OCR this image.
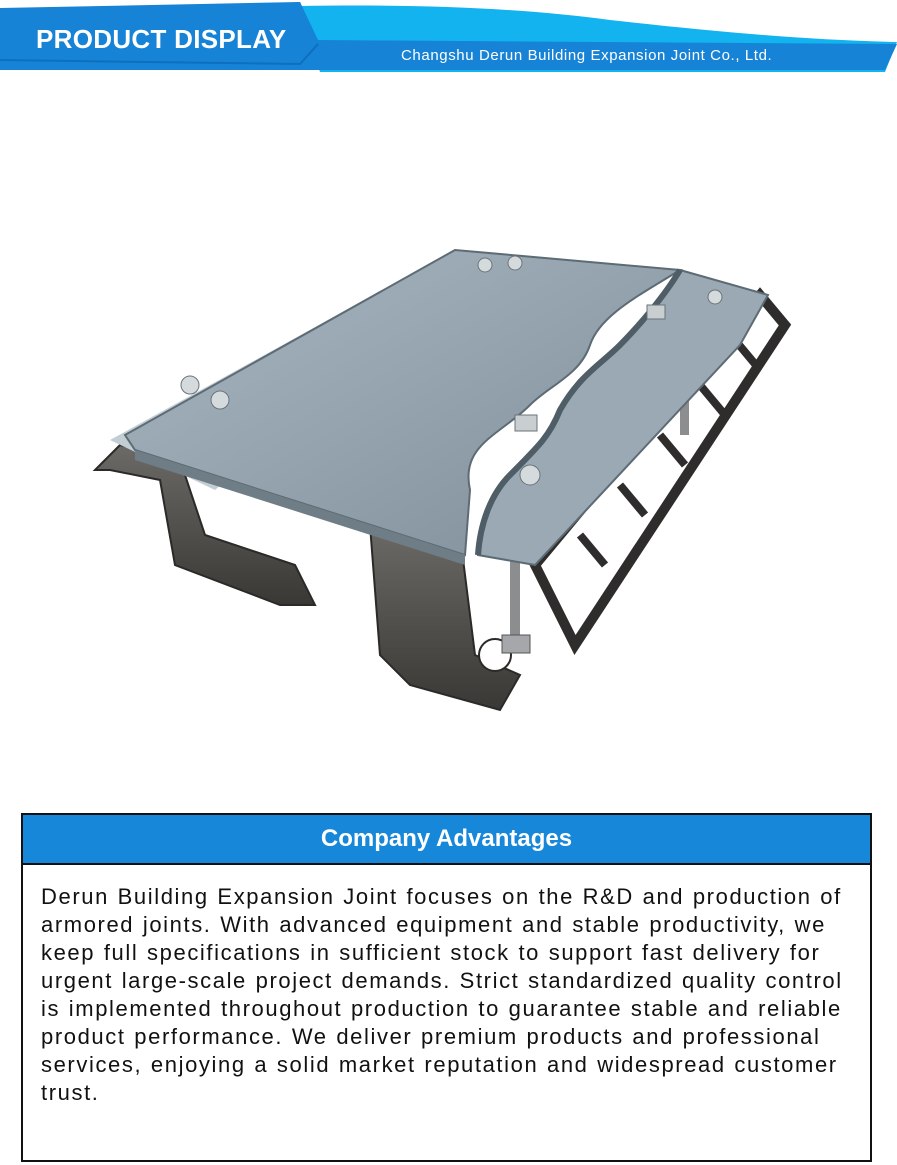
PRODUCT DISPLAY
Changshu Derun Building Expansion Joint Co., Ltd.
Company Advantages
Derun Building Expansion Joint focuses on the R&D and production of armored joints. With advanced equipment and stable productivity, we keep full specifications in sufficient stock to support fast delivery for urgent large-scale project demands. Strict standardized quality control is implemented throughout production to guarantee stable and reliable product performance. We deliver premium products and professional services, enjoying a solid market reputation and widespread customer trust.
